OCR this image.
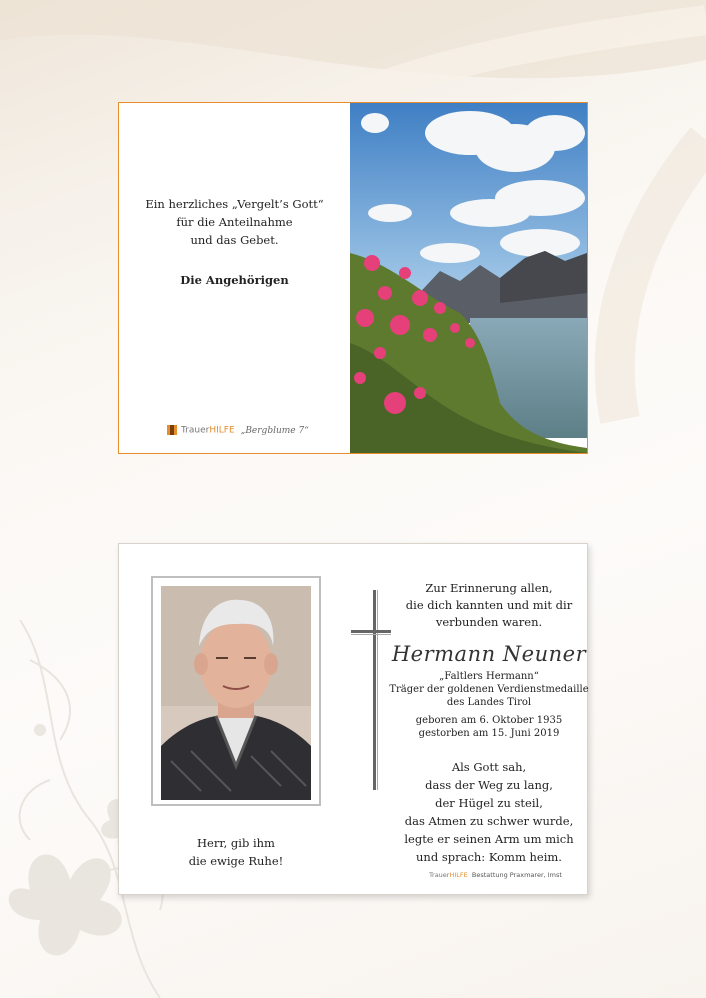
Ein herzliches „Vergelt’s Gott“
für die Anteilnahme
und das Gebet.
Die Angehörigen
TrauerHILFE „Bergblume 7“
Herr, gib ihm
die ewige Ruhe!
Zur Erinnerung allen,
die dich kannten und mit dir
verbunden waren.
Hermann Neuner
„Faltlers Hermann“
Träger der goldenen Verdienstmedaille
des Landes Tirol
geboren am 6. Oktober 1935
gestorben am 15. Juni 2019
Als Gott sah,
dass der Weg zu lang,
der Hügel zu steil,
das Atmen zu schwer wurde,
legte er seinen Arm um mich
und sprach: Komm heim.
TrauerHILFE Bestattung Praxmarer, Imst
